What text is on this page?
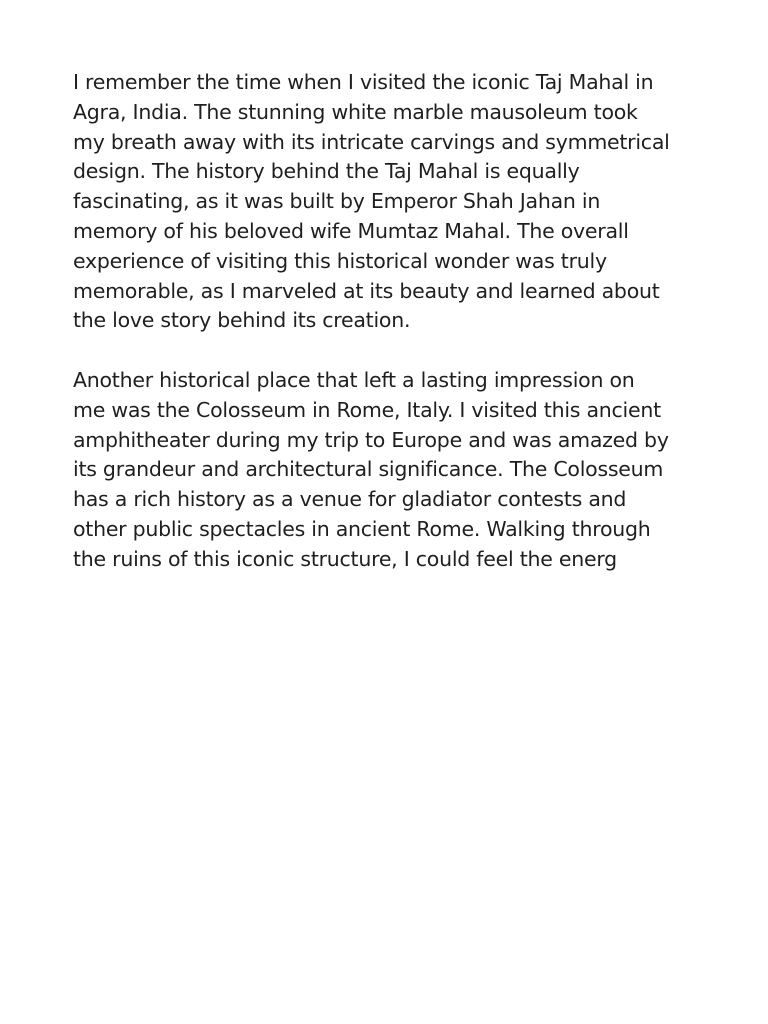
I remember the time when I visited the iconic Taj Mahal in
Agra, India. The stunning white marble mausoleum took
my breath away with its intricate carvings and symmetrical
design. The history behind the Taj Mahal is equally
fascinating, as it was built by Emperor Shah Jahan in
memory of his beloved wife Mumtaz Mahal. The overall
experience of visiting this historical wonder was truly
memorable, as I marveled at its beauty and learned about
the love story behind its creation.

Another historical place that left a lasting impression on
me was the Colosseum in Rome, Italy. I visited this ancient
amphitheater during my trip to Europe and was amazed by
its grandeur and architectural significance. The Colosseum
has a rich history as a venue for gladiator contests and
other public spectacles in ancient Rome. Walking through
the ruins of this iconic structure, I could feel the energ
